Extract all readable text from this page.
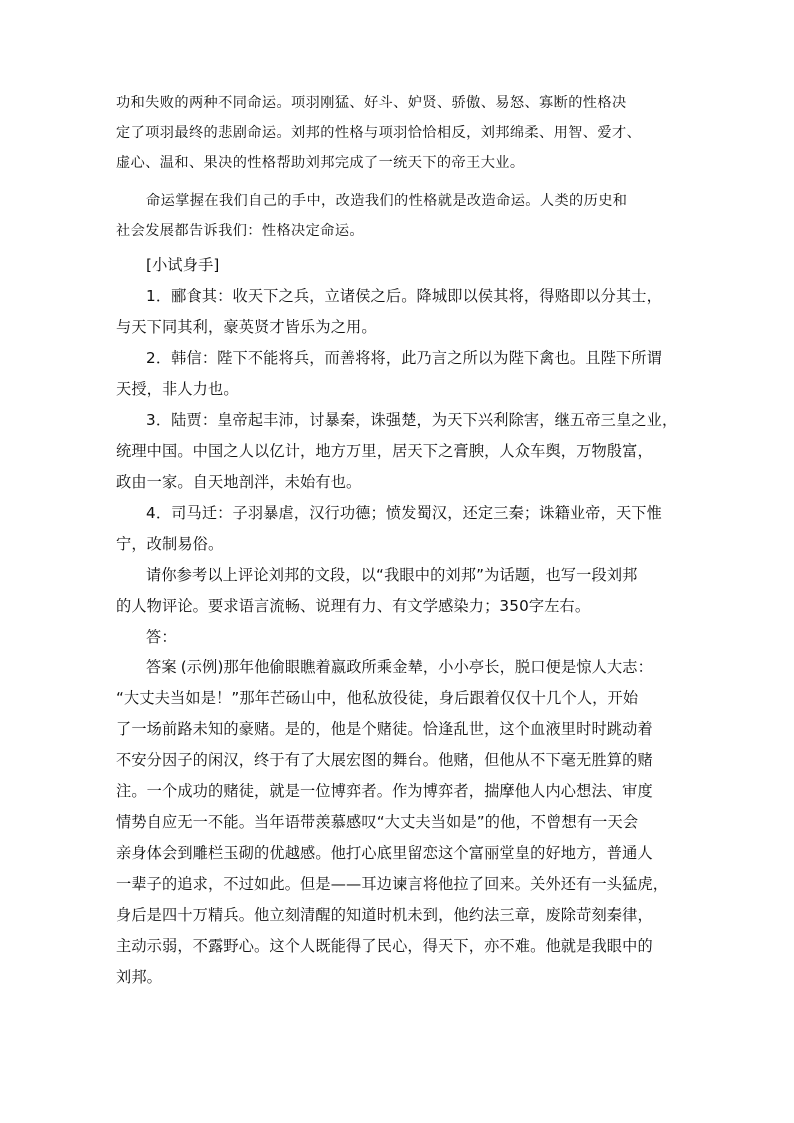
功和失败的两种不同命运。项羽刚猛、好斗、妒贤、骄傲、易怒、寡断的性格决
定了项羽最终的悲剧命运。刘邦的性格与项羽恰恰相反，刘邦绵柔、用智、爱才、
虚心、温和、果决的性格帮助刘邦完成了一统天下的帝王大业。
命运掌握在我们自己的手中，改造我们的性格就是改造命运。人类的历史和
社会发展都告诉我们：性格决定命运。
[小试身手]
1．郦食其：收天下之兵，立诸侯之后。降城即以侯其将，得赂即以分其士，
与天下同其利，豪英贤才皆乐为之用。
2．韩信：陛下不能将兵，而善将将，此乃言之所以为陛下禽也。且陛下所谓
天授，非人力也。
3．陆贾：皇帝起丰沛，讨暴秦，诛强楚，为天下兴利除害，继五帝三皇之业，
统理中国。中国之人以亿计，地方万里，居天下之膏腴，人众车舆，万物殷富，
政由一家。自天地剖泮，未始有也。
4．司马迁：子羽暴虐，汉行功德；愤发蜀汉，还定三秦；诛籍业帝，天下惟
宁，改制易俗。
请你参考以上评论刘邦的文段，以“我眼中的刘邦”为话题，也写一段刘邦
的人物评论。要求语言流畅、说理有力、有文学感染力；350字左右。
答：
答案 (示例)那年他偷眼瞧着嬴政所乘金辇，小小亭长，脱口便是惊人大志：
“大丈夫当如是！”那年芒砀山中，他私放役徒，身后跟着仅仅十几个人，开始
了一场前路未知的豪赌。是的，他是个赌徒。恰逢乱世，这个血液里时时跳动着
不安分因子的闲汉，终于有了大展宏图的舞台。他赌，但他从不下毫无胜算的赌
注。一个成功的赌徒，就是一位博弈者。作为博弈者，揣摩他人内心想法、审度
情势自应无一不能。当年语带羡慕感叹“大丈夫当如是”的他，不曾想有一天会
亲身体会到雕栏玉砌的优越感。他打心底里留恋这个富丽堂皇的好地方，普通人
一辈子的追求，不过如此。但是——耳边谏言将他拉了回来。关外还有一头猛虎，
身后是四十万精兵。他立刻清醒的知道时机未到，他约法三章，废除苛刻秦律，
主动示弱，不露野心。这个人既能得了民心，得天下，亦不难。他就是我眼中的
刘邦。
